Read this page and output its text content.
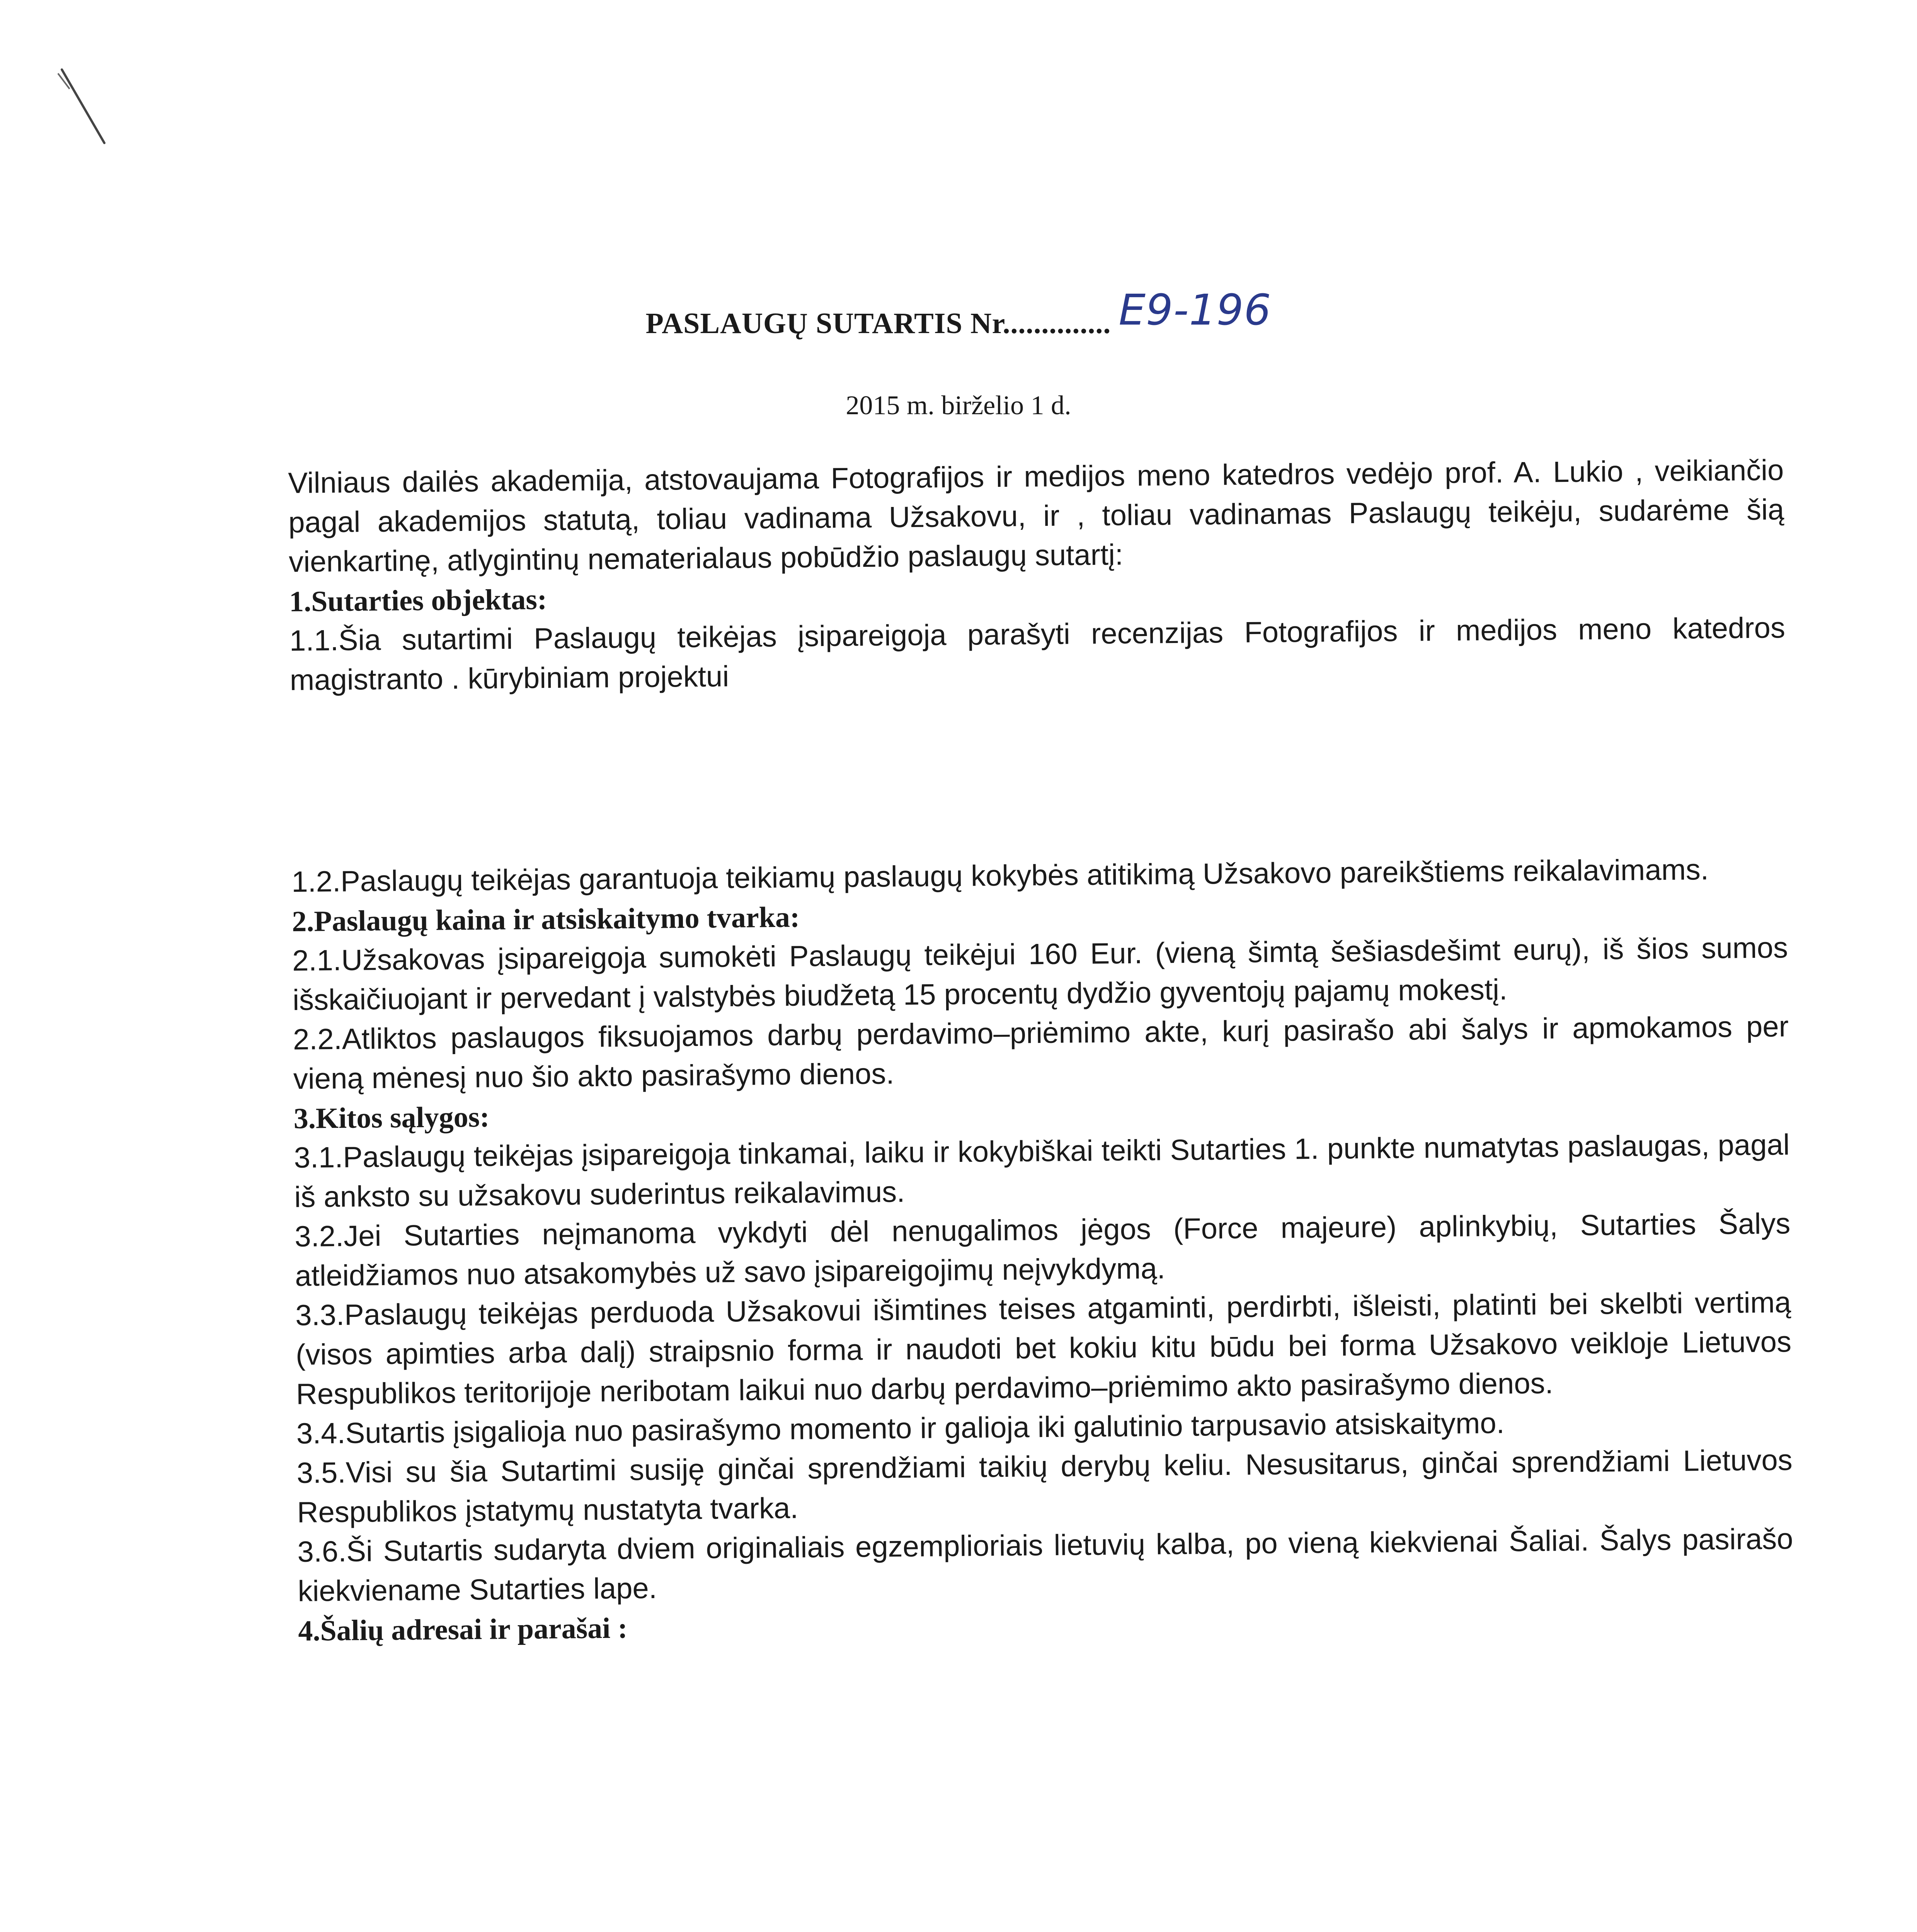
PASLAUGŲ SUTARTIS Nr.............. E9-196
2015 m. birželio 1 d.

Vilniaus dailės akademija, atstovaujama Fotografijos ir medijos meno katedros vedėjo prof. A. Lukio , veikiančio pagal akademijos statutą, toliau vadinama Užsakovu, ir , toliau vadinamas Paslaugų teikėju, sudarėme šią vienkartinę, atlygintinų nematerialaus pobūdžio paslaugų sutartį:

1.Sutarties objektas:

1.1.Šia sutartimi Paslaugų teikėjas įsipareigoja parašyti recenzijas Fotografijos ir medijos meno katedros magistranto . kūrybiniam projektui

1.2.Paslaugų teikėjas garantuoja teikiamų paslaugų kokybės atitikimą Užsakovo pareikštiems reikalavimams.

2.Paslaugų kaina ir atsiskaitymo tvarka:

2.1.Užsakovas įsipareigoja sumokėti Paslaugų teikėjui 160 Eur. (vieną šimtą šešiasdešimt eurų), iš šios sumos išskaičiuojant ir pervedant į valstybės biudžetą 15 procentų dydžio gyventojų pajamų mokestį.

2.2.Atliktos paslaugos fiksuojamos darbų perdavimo–priėmimo akte, kurį pasirašo abi šalys ir apmokamos per vieną mėnesį nuo šio akto pasirašymo dienos.

3.Kitos sąlygos:

3.1.Paslaugų teikėjas įsipareigoja tinkamai, laiku ir kokybiškai teikti Sutarties 1. punkte numatytas paslaugas, pagal iš anksto su užsakovu suderintus reikalavimus.

3.2.Jei Sutarties neįmanoma vykdyti dėl nenugalimos jėgos (Force majeure) aplinkybių, Sutarties Šalys atleidžiamos nuo atsakomybės už savo įsipareigojimų neįvykdymą.

3.3.Paslaugų teikėjas perduoda Užsakovui išimtines teises atgaminti, perdirbti, išleisti, platinti bei skelbti vertimą (visos apimties arba dalį) straipsnio forma ir naudoti bet kokiu kitu būdu bei forma Užsakovo veikloje Lietuvos Respublikos teritorijoje neribotam laikui nuo darbų perdavimo–priėmimo akto pasirašymo dienos.

3.4.Sutartis įsigalioja nuo pasirašymo momento ir galioja iki galutinio tarpusavio atsiskaitymo.

3.5.Visi su šia Sutartimi susiję ginčai sprendžiami taikių derybų keliu. Nesusitarus, ginčai sprendžiami Lietuvos Respublikos įstatymų nustatyta tvarka.

3.6.Ši Sutartis sudaryta dviem originaliais egzemplioriais lietuvių kalba, po vieną kiekvienai Šaliai. Šalys pasirašo kiekviename Sutarties lape.

4.Šalių adresai ir parašai :
